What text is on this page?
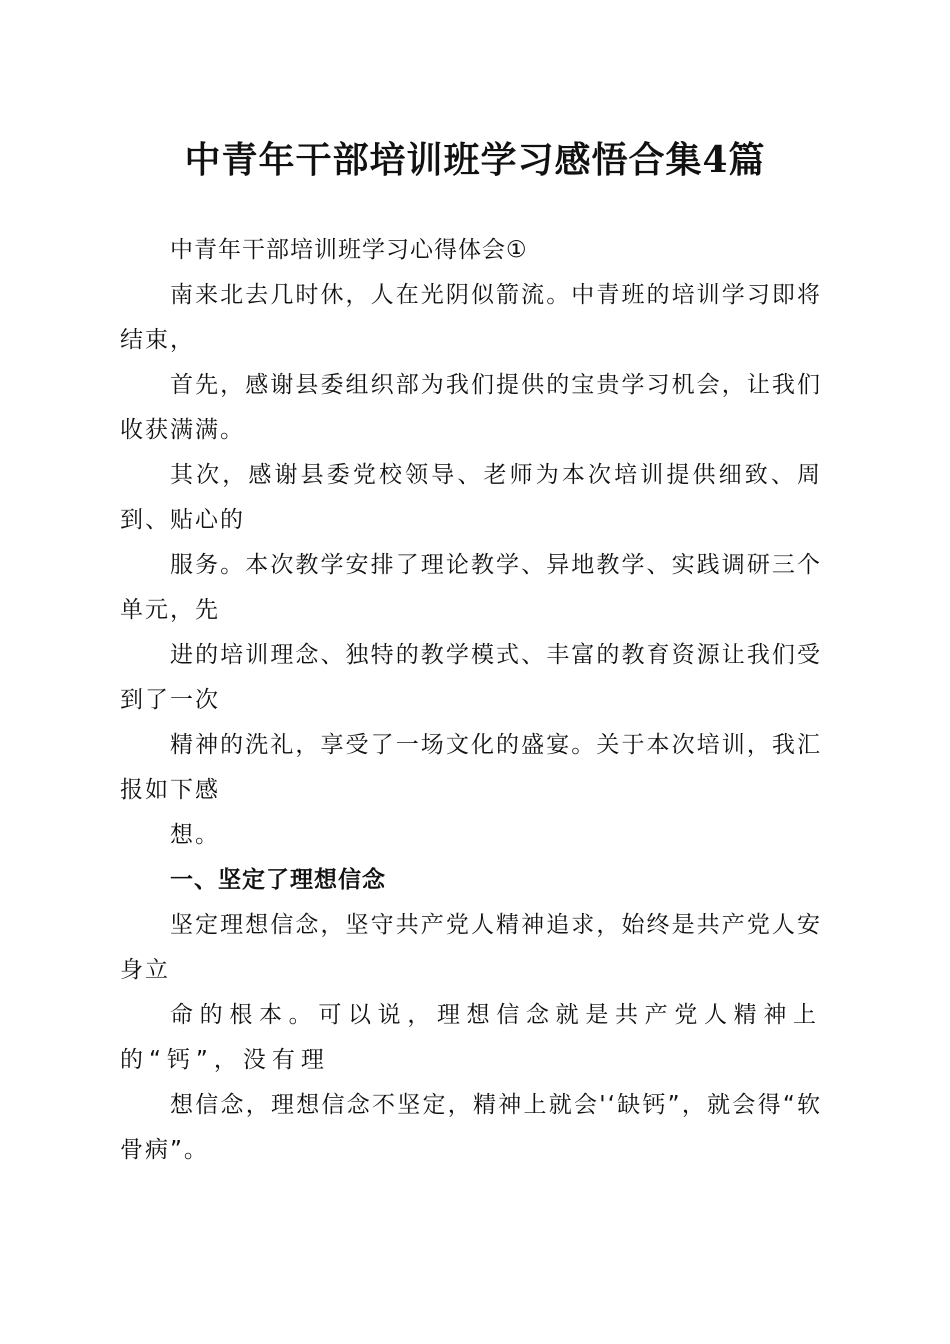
中青年干部培训班学习感悟合集4篇

中青年干部培训班学习心得体会①

南来北去几时休，人在光阴似箭流。中青班的培训学习即将结束，

首先，感谢县委组织部为我们提供的宝贵学习机会，让我们收获满满。

其次，感谢县委党校领导、老师为本次培训提供细致、周到、贴心的

服务。本次教学安排了理论教学、异地教学、实践调研三个单元，先

进的培训理念、独特的教学模式、丰富的教育资源让我们受到了一次

精神的洗礼，享受了一场文化的盛宴。关于本次培训，我汇报如下感

想。

一、坚定了理想信念

坚定理想信念，坚守共产党人精神追求，始终是共产党人安身立

命的根本。可以说，理想信念就是共产党人精神上的“钙”，没有理

想信念，理想信念不坚定，精神上就会'‘缺钙”，就会得“软骨病”。
